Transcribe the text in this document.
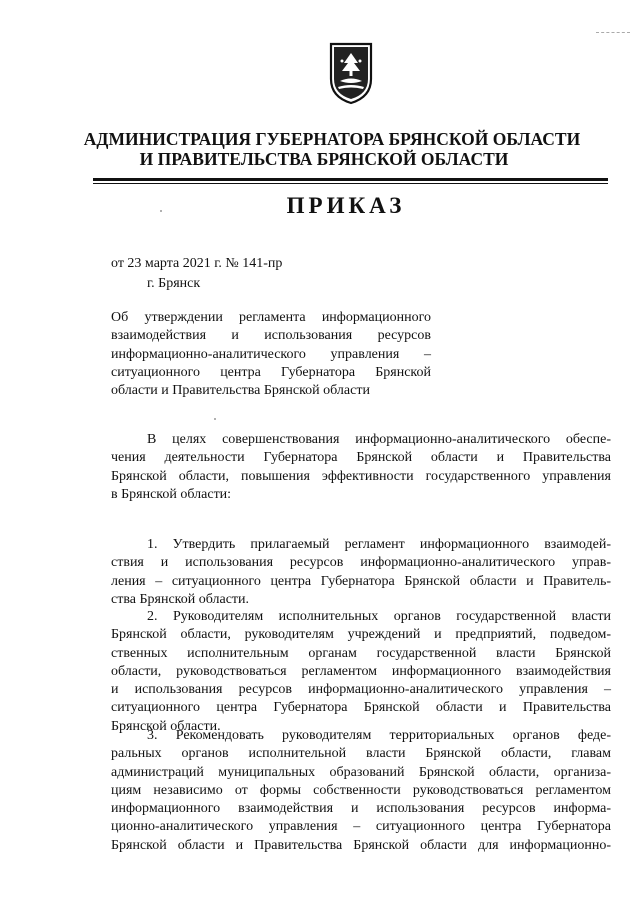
АДМИНИСТРАЦИЯ ГУБЕРНАТОРА БРЯНСКОЙ ОБЛАСТИ
И ПРАВИТЕЛЬСТВА БРЯНСКОЙ ОБЛАСТИ
ПРИКАЗ
от 23 марта 2021 г. № 141-пр
г. Брянск
Об утверждении регламента информационного
взаимодействия и использования ресурсов
информационно-аналитического управления –
ситуационного центра Губернатора Брянской
области и Правительства Брянской области
В целях совершенствования информационно-аналитического обеспе-
чения деятельности Губернатора Брянской области и Правительства
Брянской области, повышения эффективности государственного управления
в Брянской области:
1. Утвердить прилагаемый регламент информационного взаимодей-
ствия и использования ресурсов информационно-аналитического управ-
ления – ситуационного центра Губернатора Брянской области и Правитель-
ства Брянской области.
2. Руководителям исполнительных органов государственной власти
Брянской области, руководителям учреждений и предприятий, подведом-
ственных исполнительным органам государственной власти Брянской
области, руководствоваться регламентом информационного взаимодействия
и использования ресурсов информационно-аналитического управления –
ситуационного центра Губернатора Брянской области и Правительства
Брянской области.
3. Рекомендовать руководителям территориальных органов феде-
ральных органов исполнительной власти Брянской области, главам
администраций муниципальных образований Брянской области, организа-
циям независимо от формы собственности руководствоваться регламентом
информационного взаимодействия и использования ресурсов информа-
ционно-аналитического управления – ситуационного центра Губернатора
Брянской области и Правительства Брянской области для информационно-
